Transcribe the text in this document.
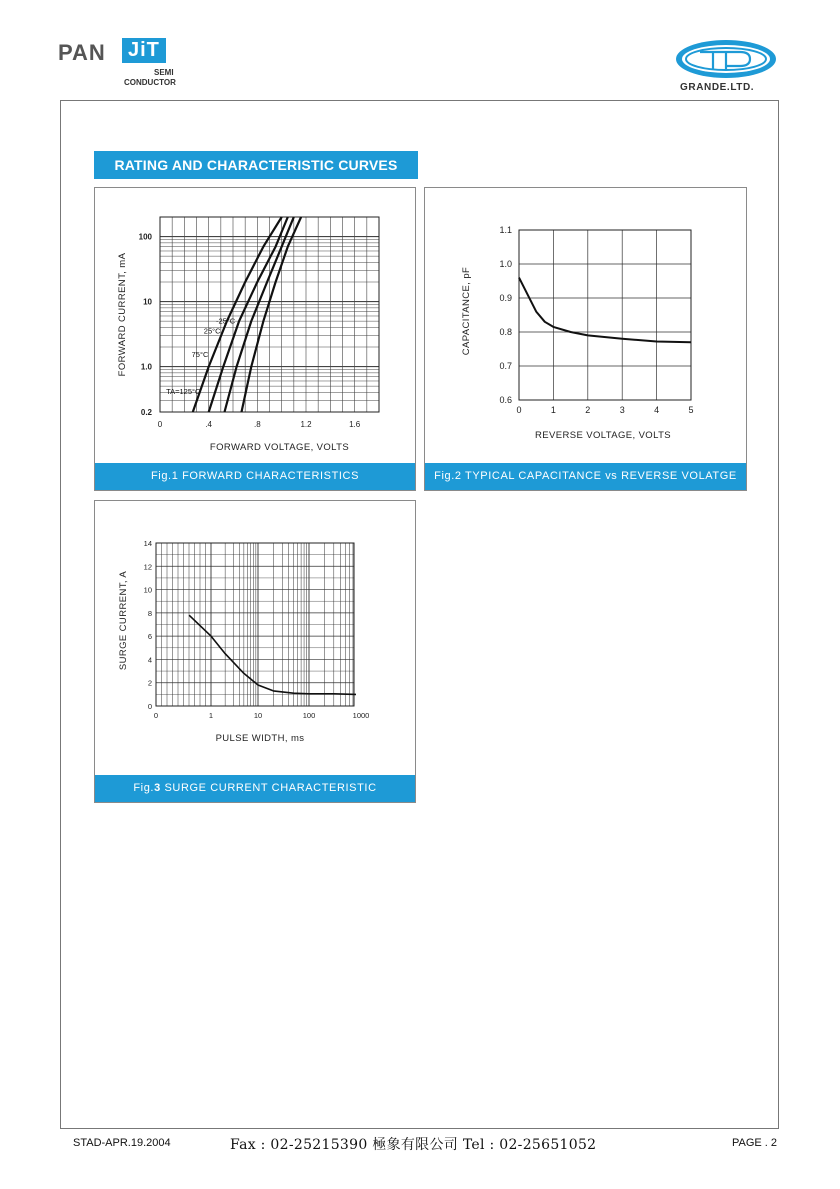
PAN	JiT
SEMI
CONDUCTOR	GRANDE.LTD.
RATING AND CHARACTERISTIC CURVES
0	.4	.8	1.2	1.6
100
10
1.0
0.2
FORWARD VOLTAGE, VOLTS
FORWARD CURRENT, mA
TA=125°C
75°C
25°C
-25°C
Fig.1 FORWARD CHARACTERISTICS
0	1	2	3	4	5
1.1
1.0
0.9
0.8
0.7
0.6
REVERSE VOLTAGE, VOLTS
CAPACITANCE, pF
Fig.2 TYPICAL CAPACITANCE vs REVERSE VOLATGE
0	1	10	100	1000
14
12
10
8
6
4
2
0
PULSE WIDTH, ms
SURGE CURRENT, A
Fig.3 SURGE CURRENT CHARACTERISTIC
STAD-APR.19.2004	Fax : 02-25215390 極象有限公司 Tel : 02-25651052	PAGE . 2
